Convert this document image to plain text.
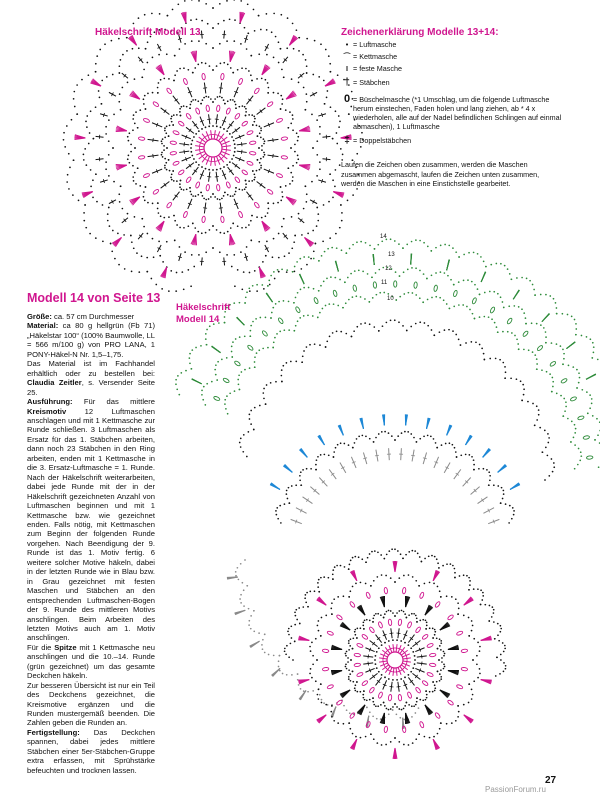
14
13
12
11
10
Häkelschrift Modell 13	Zeichenerklärung Modelle 13+14:
• = Luftmasche
⌒ = Kettmasche
I = feste Masche
† = Stäbchen
0 = Büschelmasche (*1 Umschlag, um die folgende Luftmasche herum einstechen, Faden holen und lang ziehen, ab * 4 x wiederholen, alle auf der Nadel befindlichen Schlingen auf einmal abmaschen), 1 Luftmasche
‡ = Doppelstäbchen
Laufen die Zeichen oben zusammen, werden die Maschen zusammen abgemascht, laufen die Zeichen unten zusammen, werden die Maschen in eine Einstichstelle gearbeitet.
Modell 14 von Seite 13
Häkelschrift
Modell 14

Größe: ca. 57 cm Durchmesser

Material: ca 80 g hellgrün (Fb 71) „Häkelstar 100“ (100% Baumwolle, LL = 566 m/100 g) von PRO LANA, 1 PONY-Häkel-N Nr. 1,5–1,75.

Das Material ist im Fachhandel erhältlich oder zu bestellen bei: Claudia Zeitler, s. Versender Seite 25.

Ausführung: Für das mittlere Kreismotiv 12 Luftmaschen anschlagen und mit 1 Kettmasche zur Runde schließen. 3 Luftmaschen als Ersatz für das 1. Stäbchen arbeiten, dann noch 23 Stäbchen in den Ring arbeiten, enden mit 1 Kettmasche in die 3. Ersatz-Luftmasche = 1. Runde. Nach der Häkelschrift weiterarbeiten, dabei jede Runde mit der in der Häkelschrift gezeichneten Anzahl von Luftmaschen beginnen und mit 1 Kettmasche bzw. wie gezeichnet enden. Falls nötig, mit Kettmaschen zum Beginn der folgenden Runde vorgehen. Nach Beendigung der 9. Runde ist das 1. Motiv fertig. 6 weitere solcher Motive häkeln, dabei in der letzten Runde wie in Blau bzw. in Grau gezeichnet mit festen Maschen und Stäbchen an den entsprechenden Luftmaschen-Bogen der 9. Runde des mittleren Motivs anschlingen. Beim Arbeiten des letzten Motivs auch am 1. Motiv anschlingen.

Für die Spitze mit 1 Kettmasche neu anschlingen und die 10.–14. Runde (grün gezeichnet) um das gesamte Deckchen häkeln.

Zur besseren Übersicht ist nur ein Teil des Deckchens gezeichnet, die Kreismotive ergänzen und die Runden mustergemäß beenden. Die Zahlen geben die Runden an.

Fertigstellung: Das Deckchen spannen, dabei jedes mittlere Stäbchen einer 5er-Stäbchen-Gruppe extra erfassen, mit Sprühstärke befeuchten und trocknen lassen.

27
PassionForum.ru
